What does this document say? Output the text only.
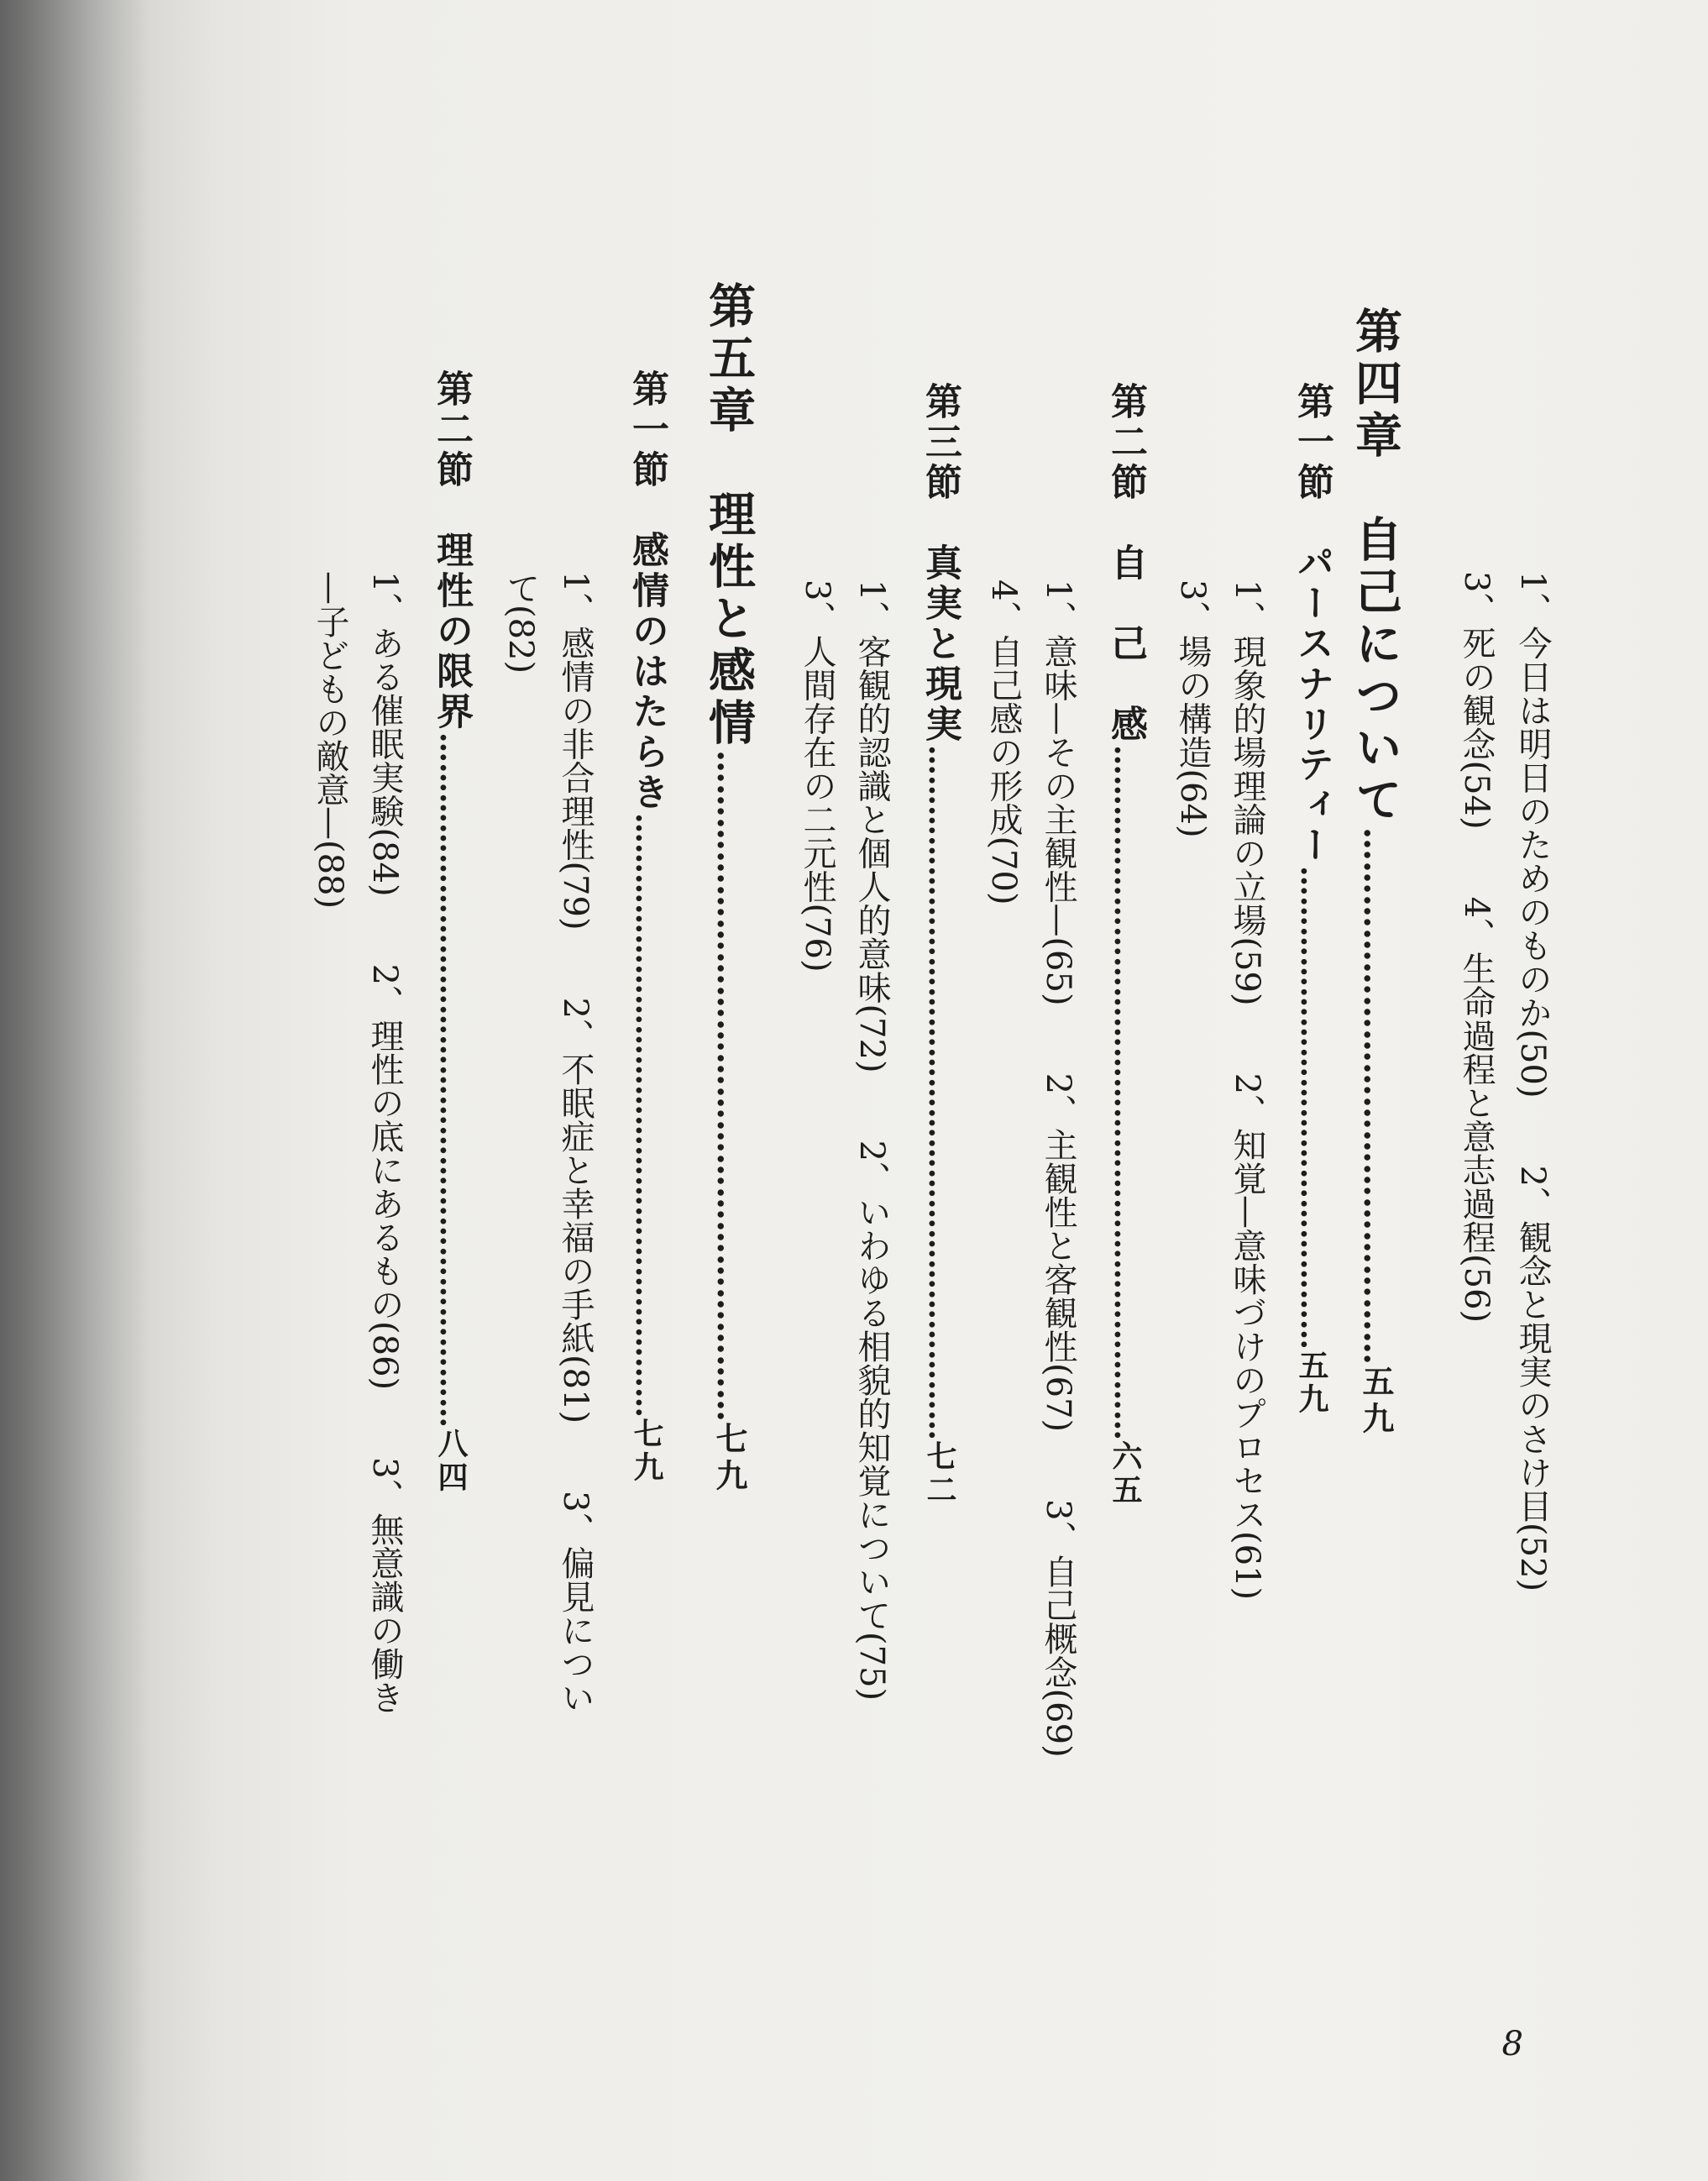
第四章　自己について…………………………………………五九
1、今日は明日のためのものか(50)　　2、観念と現実のさけ目(52)
3、死の観念(54)　　4、生命過程と意志過程(56)
第一節　パースナリティー…………………………………………五九
1、現象的場理論の立場(59)　　2、知覚—意味づけのプロセス(61)
3、場の構造(64)
第二節　自　己　感……………………………………………………………六五
1、意味—その主観性—(65)　　2、主観性と客観性(67)　　3、自己概念(69)
4、自己感の形成(70)
第三節　真実と現実……………………………………………………………七二
1、客観的認識と個人的意味(72)　　2、いわゆる相貌的知覚について(75)
3、人間存在の二元性(76)
第五章　理性と感情……………………………………………………七九
第一節　感情のはたらき……………………………………………………七九
1、感情の非合理性(79)　　2、不眠症と幸福の手紙(81)　　3、偏見につい
て(82)
第二節　理性の限界……………………………………………………………八四
1、ある催眠実験(84)　　2、理性の底にあるもの(86)　　3、無意識の働き
—子どもの敵意—(88)
8
